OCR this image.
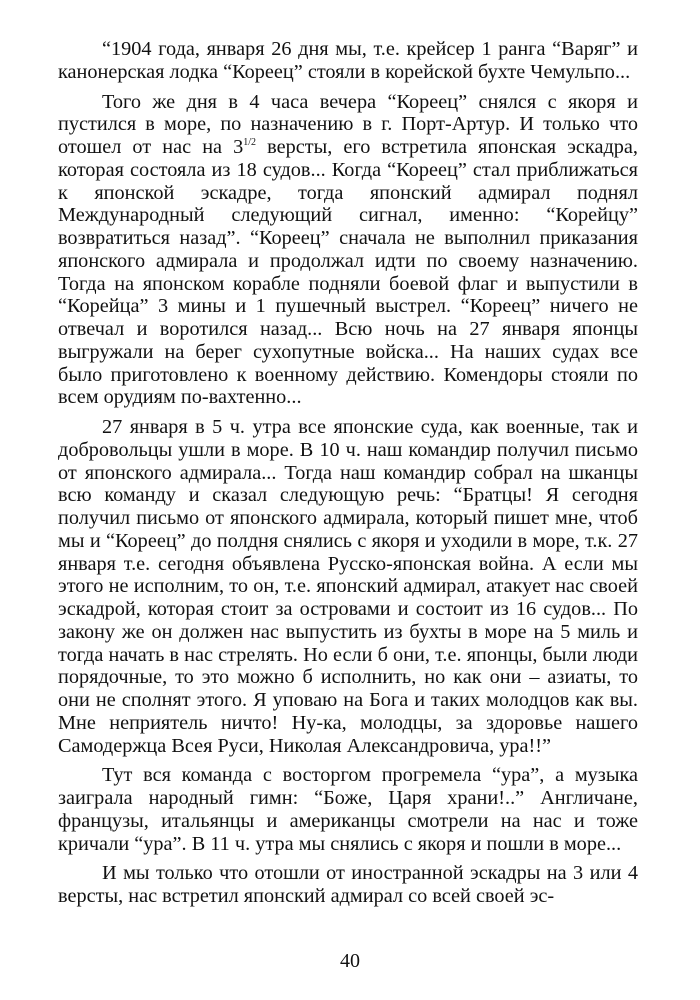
“1904 года, января 26 дня мы, т.е. крейсер 1 ранга “Варяг” и канонерская лодка “Кореец” стояли в корейской бухте Чемульпо...

Того же дня в 4 часа вечера “Кореец” снялся с якоря и пустился в море, по назначению в г. Порт-Артур. И только что отошел от нас на $3^{1/2}$ версты, его встретила японская эскадра, которая состояла из 18 судов... Когда “Кореец” стал приближаться к японской эскадре, тогда японский адмирал поднял Международный следующий сигнал, именно: “Корейцу” возвратиться назад”. “Кореец” сначала не выполнил приказания японского адмирала и продолжал идти по своему назначению. Тогда на японском корабле подняли боевой флаг и выпустили в “Корейца” 3 мины и 1 пушечный выстрел. “Кореец” ничего не отвечал и воротился назад... Всю ночь на 27 января японцы выгружали на берег сухопутные войска... На наших судах все было приготовлено к военному действию. Комендоры стояли по всем орудиям по-вахтенно...

27 января в 5 ч. утра все японские суда, как военные, так и добровольцы ушли в море. В 10 ч. наш командир получил письмо от японского адмирала... Тогда наш командир собрал на шканцы всю команду и сказал следующую речь: “Братцы! Я сегодня получил письмо от японского адмирала, который пишет мне, чтоб мы и “Кореец” до полдня снялись с якоря и уходили в море, т.к. 27 января т.е. сегодня объявлена Русско-японская война. А если мы этого не исполним, то он, т.е. японский адмирал, атакует нас своей эскадрой, которая стоит за островами и состоит из 16 судов... По закону же он должен нас выпустить из бухты в море на 5 миль и тогда начать в нас стрелять. Но если б они, т.е. японцы, были люди порядочные, то это можно б исполнить, но как они – азиаты, то они не сполнят этого. Я уповаю на Бога и таких молодцов как вы. Мне неприятель ничто! Ну-ка, молодцы, за здоровье нашего Самодержца Всея Руси, Николая Александровича, ура!!”

Тут вся команда с восторгом прогремела “ура”, а музыка заиграла народный гимн: “Боже, Царя храни!..” Англичане, французы, итальянцы и американцы смотрели на нас и тоже кричали “ура”. В 11 ч. утра мы снялись с якоря и пошли в море...

И мы только что отошли от иностранной эскадры на 3 или 4 версты, нас встретил японский адмирал со всей своей эс-

40
